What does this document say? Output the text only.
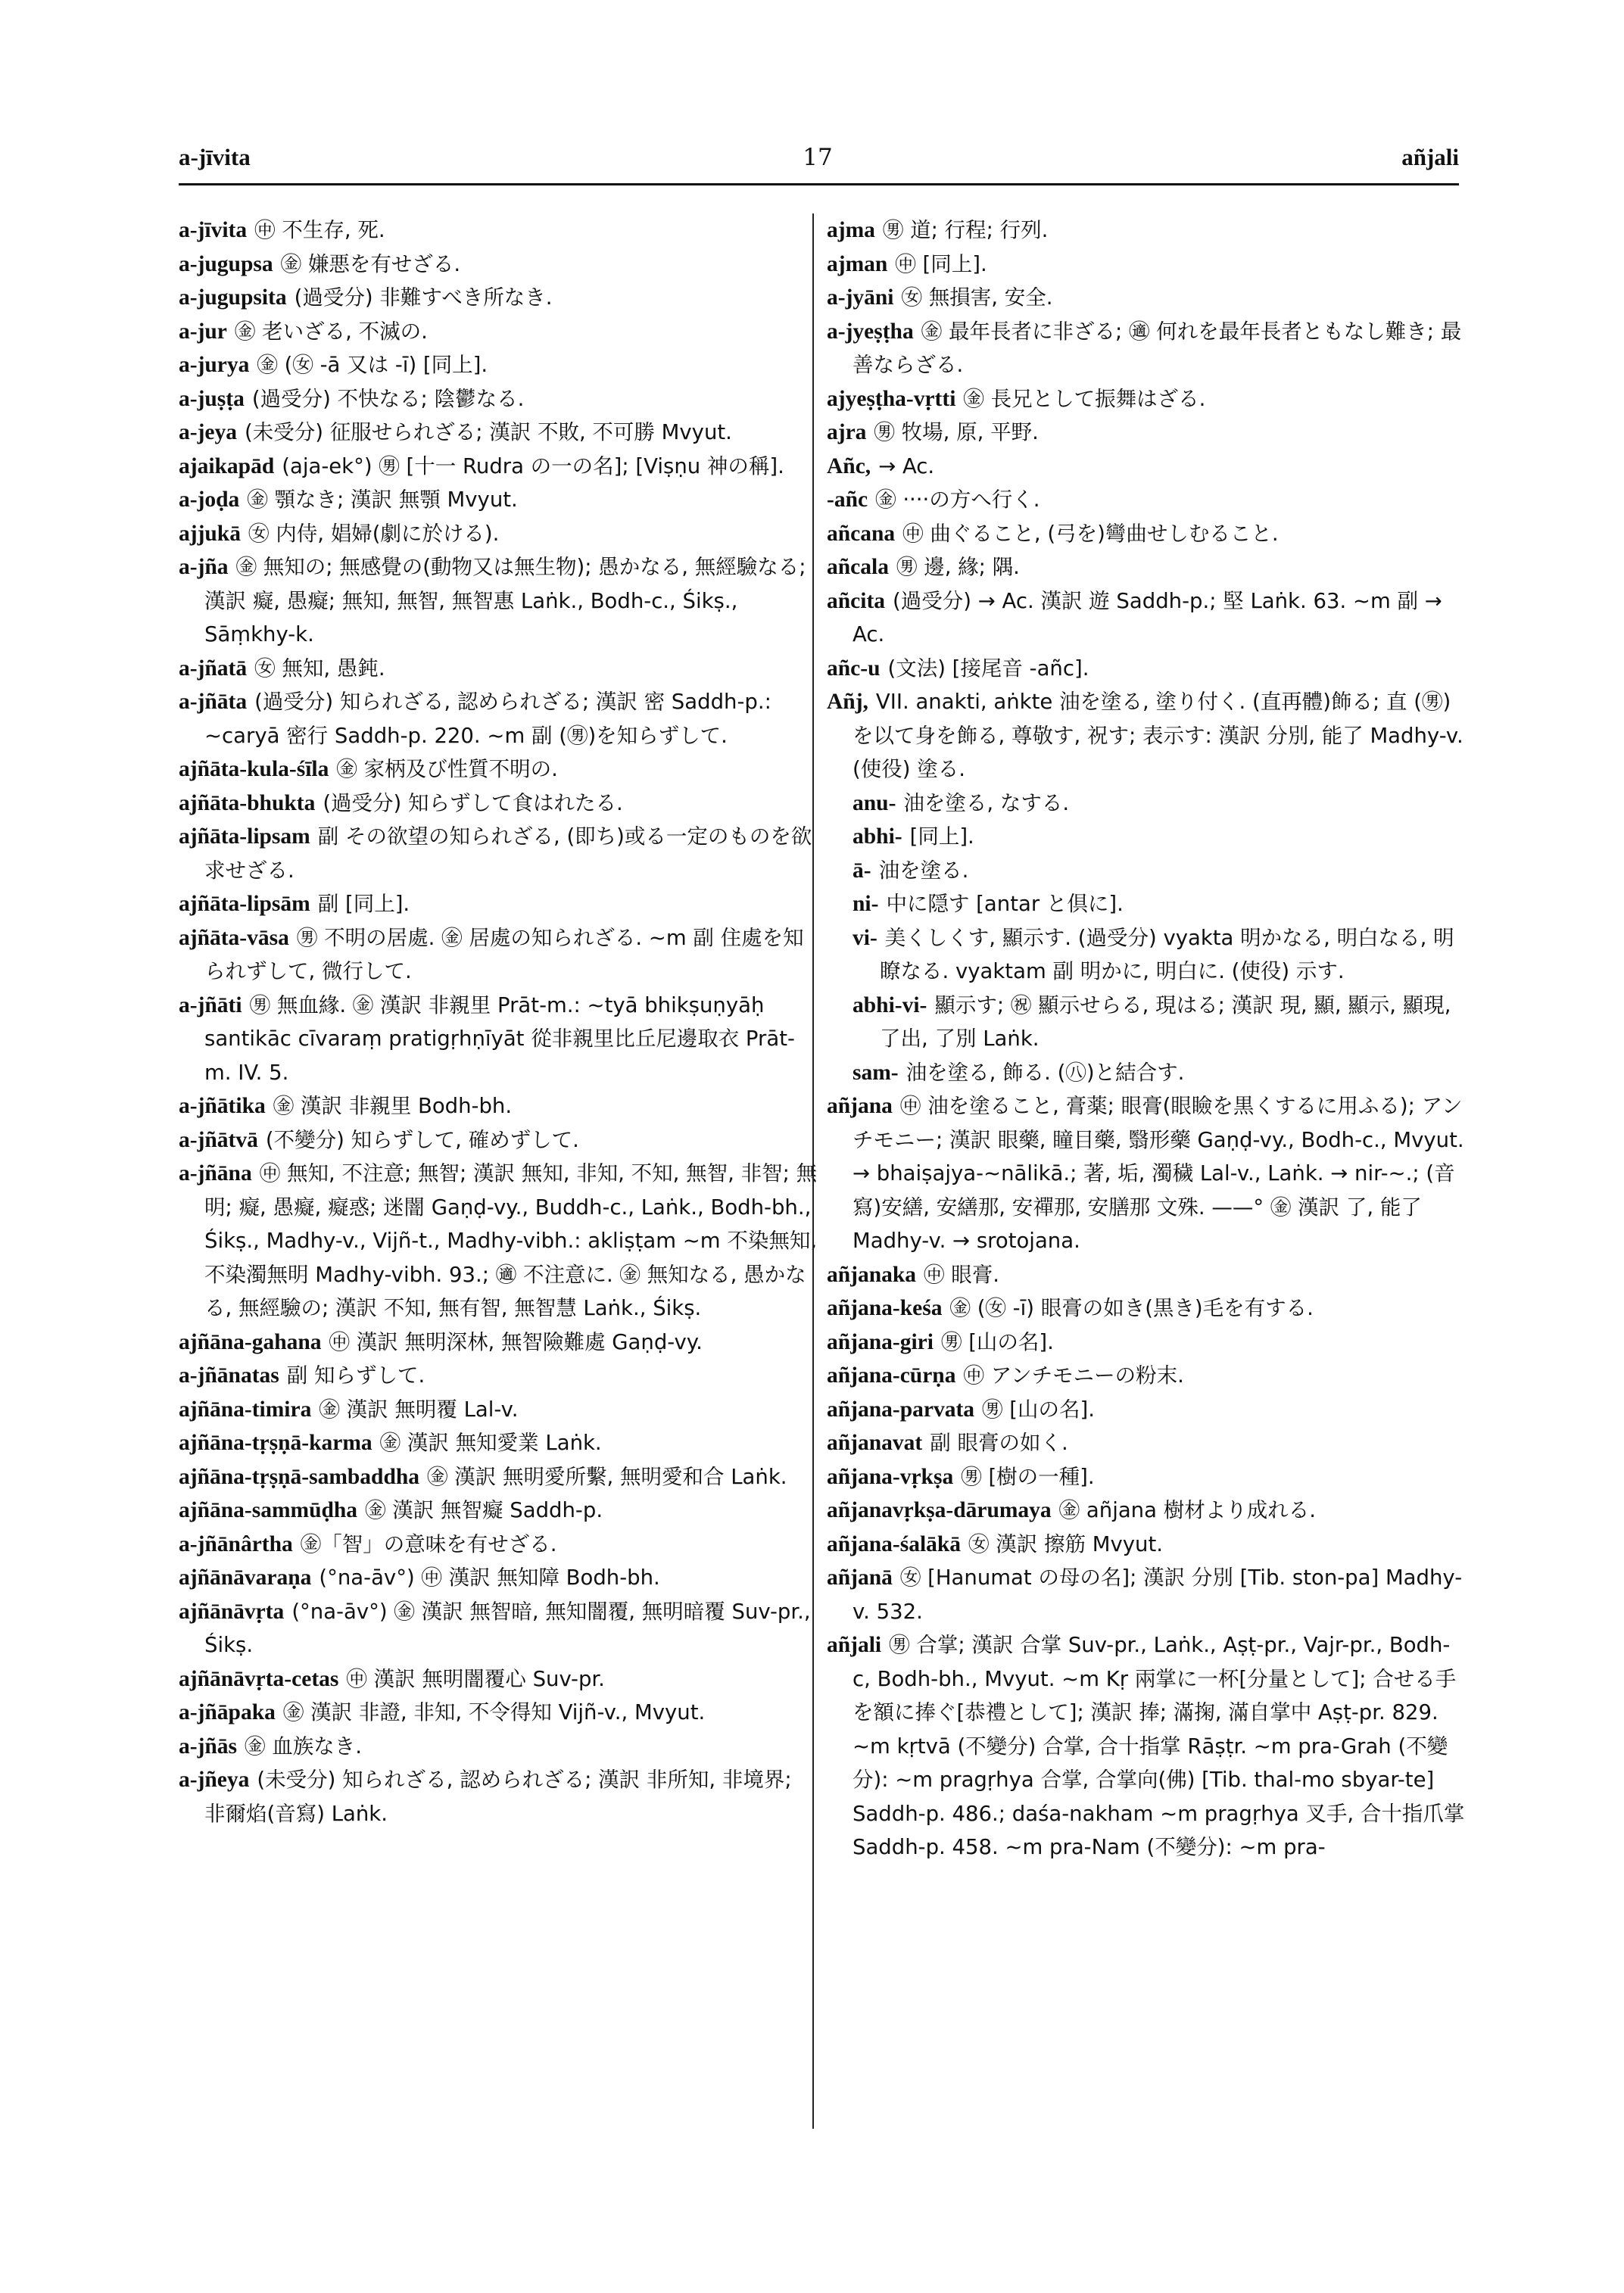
a-jīvita	17	añjali

a-jīvita ㊥ 不生存, 死.

a-jugupsa ㊎ 嫌悪を有せざる.

a-jugupsita (過受分) 非難すべき所なき.

a-jur ㊎ 老いざる, 不滅の.

a-jurya ㊎ (㊛ -ā 又は -ī) [同上].

a-juṣṭa (過受分) 不快なる; 陰鬱なる.

a-jeya (未受分) 征服せられざる; 漢訳 不敗, 不可勝 Mvyut.

ajaikapād (aja-ek°) ㊚ [十一 Rudra の一の名]; [Viṣṇu 神の稱].

a-joḍa ㊎ 顎なき; 漢訳 無顎 Mvyut.

ajjukā ㊛ 内侍, 娼婦(劇に於ける).

a-jña ㊎ 無知の; 無感覺の(動物又は無生物); 愚かなる, 無經驗なる; 漢訳 癡, 愚癡; 無知, 無智, 無智惠 Laṅk., Bodh-c., Śikṣ., Sāṃkhy-k.

a-jñatā ㊛ 無知, 愚鈍.

a-jñāta (過受分) 知られざる, 認められざる; 漢訳 密 Saddh-p.: ~caryā 密行 Saddh-p. 220. ~m 副 (㊚)を知らずして.

ajñāta-kula-śīla ㊎ 家柄及び性質不明の.

ajñāta-bhukta (過受分) 知らずして食はれたる.

ajñāta-lipsam 副 その欲望の知られざる, (即ち)或る一定のものを欲求せざる.

ajñāta-lipsām 副 [同上].

ajñāta-vāsa ㊚ 不明の居處. ㊎ 居處の知られざる. ~m 副 住處を知られずして, 微行して.

a-jñāti ㊚ 無血緣. ㊎ 漢訳 非親里 Prāt-m.: ~tyā bhikṣuṇyāḥ santikāc cīvaraṃ pratigṛhṇīyāt 從非親里比丘尼邊取衣 Prāt-m. IV. 5.

a-jñātika ㊎ 漢訳 非親里 Bodh-bh.

a-jñātvā (不變分) 知らずして, 確めずして.

a-jñāna ㊥ 無知, 不注意; 無智; 漢訳 無知, 非知, 不知, 無智, 非智; 無明; 癡, 愚癡, 癡惑; 迷闇 Gaṇḍ-vy., Buddh-c., Laṅk., Bodh-bh., Śikṣ., Madhy-v., Vijñ-t., Madhy-vibh.: akliṣṭam ~m 不染無知, 不染濁無明 Madhy-vibh. 93.; ㊜ 不注意に. ㊎ 無知なる, 愚かなる, 無經驗の; 漢訳 不知, 無有智, 無智慧 Laṅk., Śikṣ.

ajñāna-gahana ㊥ 漢訳 無明深林, 無智險難處 Gaṇḍ-vy.

a-jñānatas 副 知らずして.

ajñāna-timira ㊎ 漢訳 無明覆 Lal-v.

ajñāna-tṛṣṇā-karma ㊎ 漢訳 無知愛業 Laṅk.

ajñāna-tṛṣṇā-sambaddha ㊎ 漢訳 無明愛所繫, 無明愛和合 Laṅk.

ajñāna-sammūḍha ㊎ 漢訳 無智癡 Saddh-p.

a-jñānârtha ㊎「智」の意味を有せざる.

ajñānāvaraṇa (°na-āv°) ㊥ 漢訳 無知障 Bodh-bh.

ajñānāvṛta (°na-āv°) ㊎ 漢訳 無智暗, 無知闇覆, 無明暗覆 Suv-pr., Śikṣ.

ajñānāvṛta-cetas ㊥ 漢訳 無明闇覆心 Suv-pr.

a-jñāpaka ㊎ 漢訳 非證, 非知, 不令得知 Vijñ-v., Mvyut.

a-jñās ㊎ 血族なき.

a-jñeya (未受分) 知られざる, 認められざる; 漢訳 非所知, 非境界; 非爾焰(音寫) Laṅk.

ajma ㊚ 道; 行程; 行列.

ajman ㊥ [同上].

a-jyāni ㊛ 無損害, 安全.

a-jyeṣṭha ㊎ 最年長者に非ざる; ㊜ 何れを最年長者ともなし難き; 最善ならざる.

ajyeṣṭha-vṛtti ㊎ 長兄として振舞はざる.

ajra ㊚ 牧場, 原, 平野.

Añc, → Ac.

-añc ㊎ ····の方へ行く.

añcana ㊥ 曲ぐること, (弓を)彎曲せしむること.

añcala ㊚ 邊, 緣; 隅.

añcita (過受分) → Ac. 漢訳 遊 Saddh-p.; 堅 Laṅk. 63. ~m 副 → Ac.

añc-u (文法) [接尾音 -añc].

Añj, VII. anakti, aṅkte 油を塗る, 塗り付く. (直再體)飾る; 直 (㊚)を以て身を飾る, 尊敬す, 祝す; 表示す: 漢訳 分別, 能了 Madhy-v. (使役) 塗る.

anu- 油を塗る, なする.

abhi- [同上].

ā- 油を塗る.

ni- 中に隠す [antar と倶に].

vi- 美くしくす, 顯示す. (過受分) vyakta 明かなる, 明白なる, 明瞭なる. vyaktam 副 明かに, 明白に. (使役) 示す.

abhi-vi- 顯示す; ㊗ 顯示せらる, 現はる; 漢訳 現, 顯, 顯示, 顯現, 了出, 了別 Laṅk.

sam- 油を塗る, 飾る. (㊇)と結合す.

añjana ㊥ 油を塗ること, 膏薬; 眼膏(眼瞼を黒くするに用ふる); アンチモニー; 漢訳 眼藥, 瞳目藥, 翳形藥 Gaṇḍ-vy., Bodh-c., Mvyut. → bhaiṣajya-~nālikā.; 著, 垢, 濁穢 Lal-v., Laṅk. → nir-~.; (音寫)安繕, 安繕那, 安禪那, 安膳那 文殊. ——° ㊎ 漢訳 了, 能了 Madhy-v. → srotojana.

añjanaka ㊥ 眼膏.

añjana-keśa ㊎ (㊛ -ī) 眼膏の如き(黒き)毛を有する.

añjana-giri ㊚ [山の名].

añjana-cūrṇa ㊥ アンチモニーの粉末.

añjana-parvata ㊚ [山の名].

añjanavat 副 眼膏の如く.

añjana-vṛkṣa ㊚ [樹の一種].

añjanavṛkṣa-dārumaya ㊎ añjana 樹材より成れる.

añjana-śalākā ㊛ 漢訳 擦筋 Mvyut.

añjanā ㊛ [Hanumat の母の名]; 漢訳 分別 [Tib. ston-pa] Madhy-v. 532.

añjali ㊚ 合掌; 漢訳 合掌 Suv-pr., Laṅk., Aṣṭ-pr., Vajr-pr., Bodh-c, Bodh-bh., Mvyut. ~m Kṛ 兩掌に一杯[分量として]; 合せる手を額に捧ぐ[恭禮として]; 漢訳 捧; 滿掬, 滿自掌中 Aṣṭ-pr. 829. ~m kṛtvā (不變分) 合掌, 合十指掌 Rāṣṭr. ~m pra-Grah (不變分): ~m pragṛhya 合掌, 合掌向(佛) [Tib. thal-mo sbyar-te] Saddh-p. 486.; daśa-nakham ~m pragṛhya 叉手, 合十指爪掌 Saddh-p. 458. ~m pra-Nam (不變分): ~m pra-
